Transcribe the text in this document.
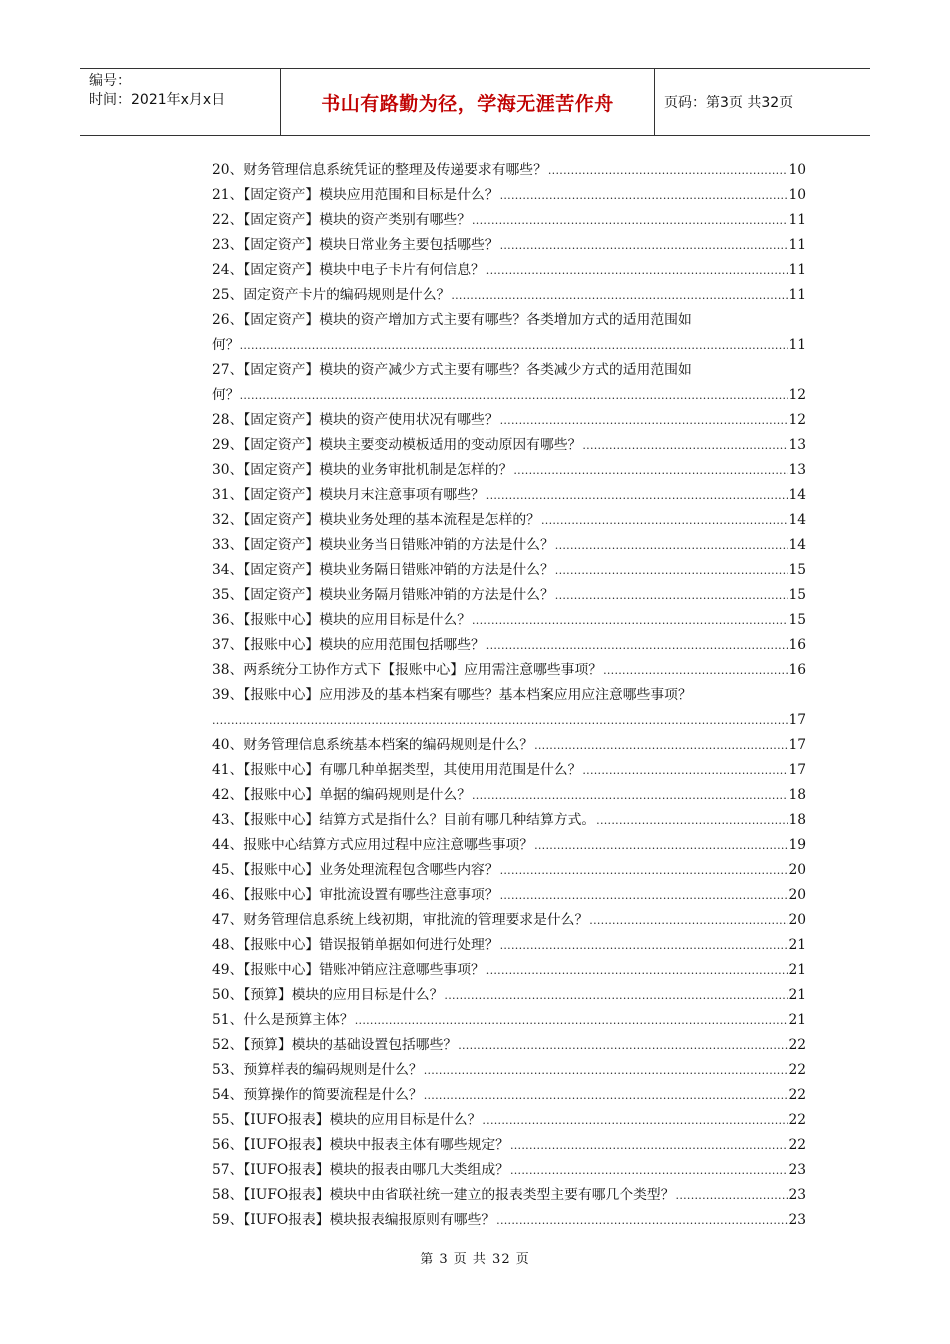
编号：
时间：2021年x月x日	书山有路勤为径，学海无涯苦作舟	页码：第3页 共32页
20、财务管理信息系统凭证的整理及传递要求有哪些？ .....	10
21、【固定资产】模块应用范围和目标是什么？ .....	10
22、【固定资产】模块的资产类别有哪些？ .....	11
23、【固定资产】模块日常业务主要包括哪些？ .....	11
24、【固定资产】模块中电子卡片有何信息？ .....	11
25、固定资产卡片的编码规则是什么？ .....	11
26、【固定资产】模块的资产增加方式主要有哪些？各类增加方式的适用范围如
何？ .....	11
27、【固定资产】模块的资产减少方式主要有哪些？各类减少方式的适用范围如
何？ .....	12
28、【固定资产】模块的资产使用状况有哪些？ .....	12
29、【固定资产】模块主要变动模板适用的变动原因有哪些？ .....	13
30、【固定资产】模块的业务审批机制是怎样的？ .....	13
31、【固定资产】模块月末注意事项有哪些？ .....	14
32、【固定资产】模块业务处理的基本流程是怎样的？ .....	14
33、【固定资产】模块业务当日错账冲销的方法是什么？ .....	14
34、【固定资产】模块业务隔日错账冲销的方法是什么？ .....	15
35、【固定资产】模块业务隔月错账冲销的方法是什么？ .....	15
36、【报账中心】模块的应用目标是什么？ .....	15
37、【报账中心】模块的应用范围包括哪些？ .....	16
38、两系统分工协作方式下【报账中心】应用需注意哪些事项？ .....	16
39、【报账中心】应用涉及的基本档案有哪些？基本档案应用应注意哪些事项？
.....
17
40、财务管理信息系统基本档案的编码规则是什么？ .....	17
41、【报账中心】有哪几种单据类型，其使用用范围是什么？ .....	17
42、【报账中心】单据的编码规则是什么？ .....	18
43、【报账中心】结算方式是指什么？目前有哪几种结算方式。 .....	18
44、报账中心结算方式应用过程中应注意哪些事项？ .....	19
45、【报账中心】业务处理流程包含哪些内容？ .....	20
46、【报账中心】审批流设置有哪些注意事项？ .....	20
47、财务管理信息系统上线初期，审批流的管理要求是什么？ .....	20
48、【报账中心】错误报销单据如何进行处理？ .....	21
49、【报账中心】错账冲销应注意哪些事项？ .....	21
50、【预算】模块的应用目标是什么？ .....	21
51、什么是预算主体？ .....	21
52、【预算】模块的基础设置包括哪些？ .....	22
53、预算样表的编码规则是什么？ .....	22
54、预算操作的简要流程是什么？ .....	22
55、【IUFO报表】模块的应用目标是什么？ .....	22
56、【IUFO报表】模块中报表主体有哪些规定？ .....	22
57、【IUFO报表】模块的报表由哪几大类组成？ .....	23
58、【IUFO报表】模块中由省联社统一建立的报表类型主要有哪几个类型？ .....	23
59、【IUFO报表】模块报表编报原则有哪些？ .....	23
第 3 页 共 32 页
